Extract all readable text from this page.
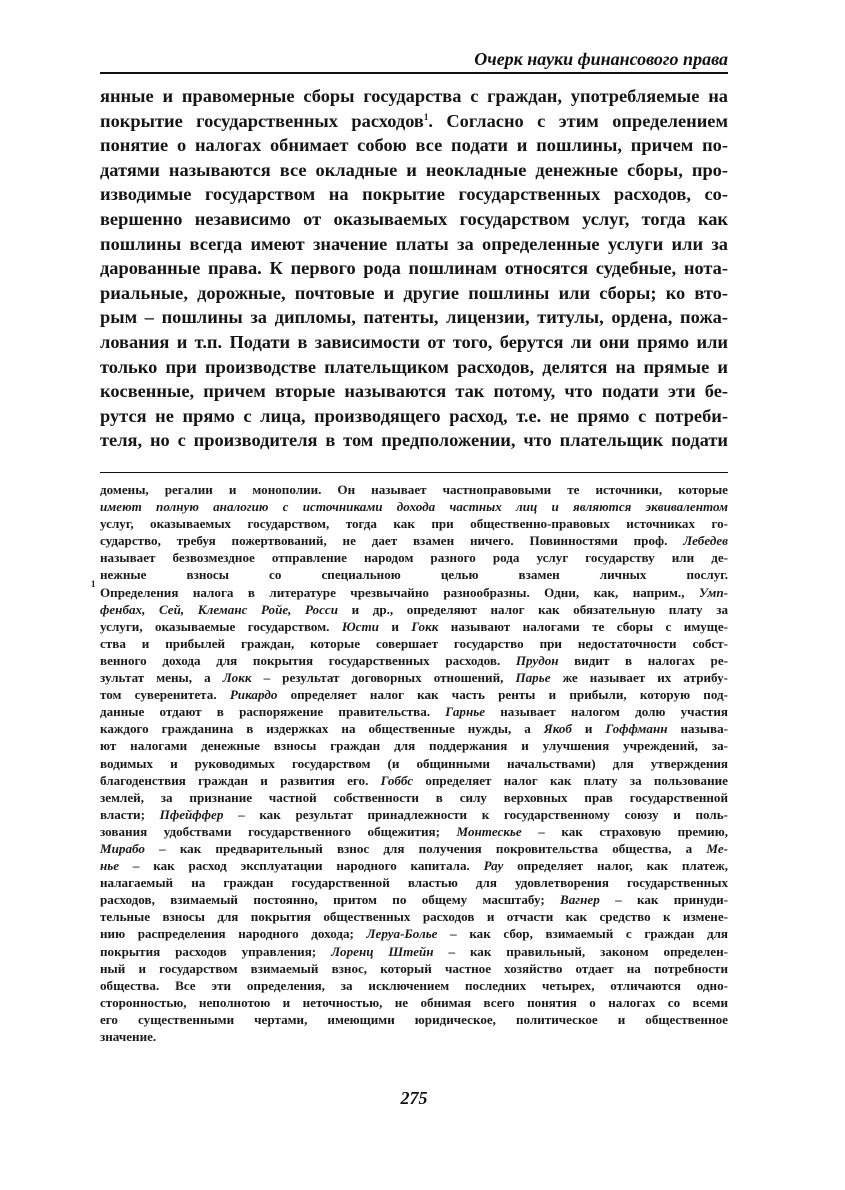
Очерк науки финансового права
янные и правомерные сборы государства с граждан, употребляемые на
покрытие государственных расходов$^1$. Согласно с этим определением
понятие о налогах обнимает собою все подати и пошлины, причем по-
датями называются все окладные и неокладные денежные сборы, про-
изводимые государством на покрытие государственных расходов, со-
вершенно независимо от оказываемых государством услуг, тогда как
пошлины всегда имеют значение платы за определенные услуги или за
дарованные права. К первого рода пошлинам относятся судебные, нота-
риальные, дорожные, почтовые и другие пошлины или сборы; ко вто-
рым – пошлины за дипломы, патенты, лицензии, титулы, ордена, пожа-
лования и т.п. Подати в зависимости от того, берутся ли они прямо или
только при производстве плательщиком расходов, делятся на прямые и
косвенные, причем вторые называются так потому, что подати эти бе-
рутся не прямо с лица, производящего расход, т.е. не прямо с потреби-
теля, но с производителя в том предположении, что плательщик подати
домены, регалии и монополии. Он называет частноправовыми те источники, которые
имеют полную аналогию с источниками дохода частных лиц и являются эквивалентом
услуг, оказываемых государством, тогда как при общественно-правовых источниках го-
сударство, требуя пожертвований, не дает взамен ничего. Повинностями проф. Лебедев
называет безвозмездное отправление народом разного рода услуг государству или де-
нежные взносы со специальною целью взамен личных послуг.
1
Определения налога в литературе чрезвычайно разнообразны. Одни, как, наприм., Умп-
фенбах, Сей, Клеманс Ройе, Росси и др., определяют налог как обязательную плату за
услуги, оказываемые государством. Юсти и Гокк называют налогами те сборы с имуще-
ства и прибылей граждан, которые совершает государство при недостаточности собст-
венного дохода для покрытия государственных расходов. Прудон видит в налогах ре-
зультат мены, а Локк – результат договорных отношений, Парье же называет их атрибу-
том суверенитета. Рикардо определяет налог как часть ренты и прибыли, которую под-
данные отдают в распоряжение правительства. Гарнье называет налогом долю участия
каждого гражданина в издержках на общественные нужды, а Якоб и Гоффманн называ-
ют налогами денежные взносы граждан для поддержания и улучшения учреждений, за-
водимых и руководимых государством (и общинными начальствами) для утверждения
благоденствия граждан и развития его. Гоббс определяет налог как плату за пользование
землей, за признание частной собственности в силу верховных прав государственной
власти; Пфейффер – как результат принадлежности к государственному союзу и поль-
зования удобствами государственного общежития; Монтескье – как страховую премию,
Мирабо – как предварительный взнос для получения покровительства общества, а Ме-
нье – как расход эксплуатации народного капитала. Рау определяет налог, как платеж,
налагаемый на граждан государственной властью для удовлетворения государственных
расходов, взимаемый постоянно, притом по общему масштабу; Вагнер – как принуди-
тельные взносы для покрытия общественных расходов и отчасти как средство к измене-
нию распределения народного дохода; Леруа-Болье – как сбор, взимаемый с граждан для
покрытия расходов управления; Лоренц Штейн – как правильный, законом определен-
ный и государством взимаемый взнос, который частное хозяйство отдает на потребности
общества. Все эти определения, за исключением последних четырех, отличаются одно-
сторонностью, неполнотою и неточностью, не обнимая всего понятия о налогах со всеми
его существенными чертами, имеющими юридическое, политическое и общественное
значение.
275
